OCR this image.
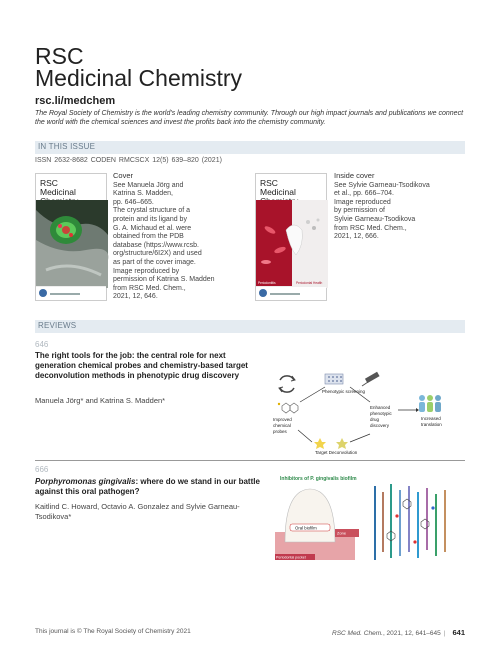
RSC
Medicinal Chemistry
rsc.li/medchem
The Royal Society of Chemistry is the world's leading chemistry community. Through our high impact journals and publications we connect the world with the chemical sciences and invest the profits back into the chemistry community.
IN THIS ISSUE
ISSN 2632-8682 CODEN RMCSCX 12(5) 639–820 (2021)
RSC
Medicinal
Cover
See Manuela Jörg and
Katrina S. Madden,
pp. 646–665.
The crystal structure of a
protein and its ligand by
G. A. Michaud et al. were
obtained from the PDB
database (https://www.rcsb.
org/structure/6I2X) and used
as part of the cover image.
Image reproduced by
permission of Katrina S. Madden
from RSC Med. Chem.,
2021, 12, 646.
RSC
Medicinal
Periodontitis	Periodontal Health
Inside cover
See Sylvie Garneau-Tsodikova
et al., pp. 666–704.
Image reproduced
by permission of
Sylvie Garneau-Tsodikova
from RSC Med. Chem.,
2021, 12, 666.
REVIEWS
646
The right tools for the job: the central role for next generation chemical probes and chemistry-based target deconvolution methods in phenotypic drug discovery
Manuela Jörg* and Katrina S. Madden*
Phenotypic screening
Improved
chemical
probes
Enhanced
phenotypic
drug
discovery
Increased
translation
Target Deconvolution
666
Porphyromonas gingivalis: where do we stand in our battle against this oral pathogen?
Kaitlind C. Howard, Octavio A. Gonzalez and Sylvie Garneau-Tsodikova*
Inhibitors of P. gingivalis biofilm
Oral biofilm
Zone
Periodontal pocket
This journal is © The Royal Society of Chemistry 2021	RSC Med. Chem., 2021, 12, 641–645 | 641
